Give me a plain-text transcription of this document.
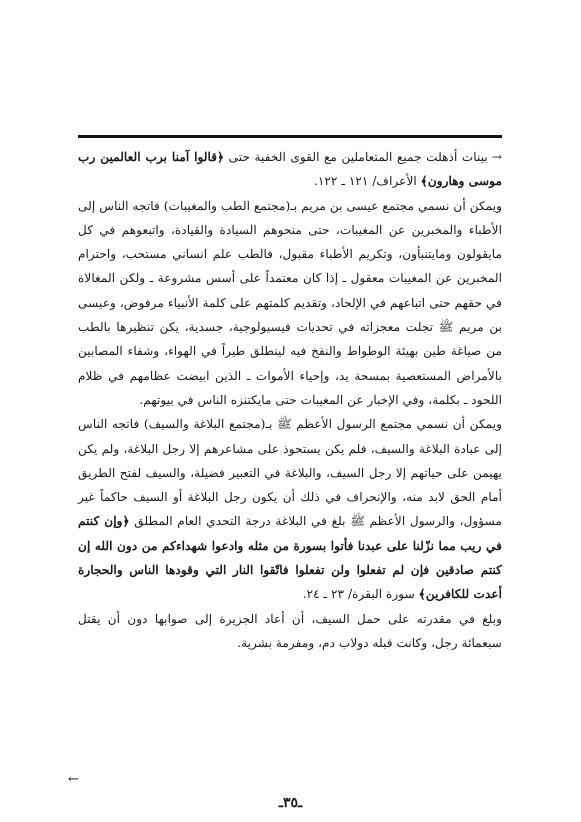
→بينات أذهلت جميع المتعاملين مع القوى الخفية حتى ﴿قالوا آمنا برب العالمين رب موسى وهارون﴾ الأعراف/ ١٢١ ـ ١٢٢.

ويمكن أن نسمي مجتمع عيسى بن مريم بـ(مجتمع الطب والمغيبات) فاتجه الناس إلى الأطباء والمخبرين عن المغيبات، حتى منحوهم السيادة والقيادة، واتبعوهم في كل مايقولون ومايتنبأون، وتكريم الأطباء مقبول، فالطب علم انساني مستحب، واحترام المخبرين عن المغيبات معقول ـ إذا كان معتمداً على أسس مشروعة ـ ولكن المغالاة في حقهم حتى اتباعهم في الإلحاد، وتقديم كلمتهم على كلمة الأنبياء مرفوض، وعيسى بن مريم ﷺ تجلت معجزاته في تحديات فيسيولوجية، جسدية، يكن تنظيرها بالطب من صياغة طين بهيئة الوطواط والنفخ فيه لينطلق طيراً في الهواء، وشفاء المصابين بالأمراض المستعصية بمسحة يد، وإحياء الأموات ـ الذين ابيضت عظامهم في ظلام اللحود ـ بكلمة، وفي الإخبار عن المغيبات حتى مايكتنزه الناس في بيوتهم.

ويمكن أن نسمي مجتمع الرسول الأعظم ﷺ بـ(مجتمع البلاغة والسيف) فاتجه الناس إلى عبادة البلاغة والسيف، فلم يكن يستحوذ على مشاعرهم إلا رجل البلاغة، ولم يكن يهيمن على حياتهم إلا رجل السيف، والبلاغة في التعبير فضيلة، والسيف لفتح الطريق أمام الحق لابد منه، والإنحراف في ذلك أن يكون رجل البلاغة أو السيف حاكماً غير مسؤول، والرسول الأعظم ﷺ بلغ في البلاغة درجة التحدي العام المطلق ﴿وإن كنتم في ريب مما نزّلنا على عبدنا فأتوا بسورة من مثله وادعوا شهداءكم من دون الله إن كنتم صادقين فإن لم تفعلوا ولن تفعلوا فاتّقوا النار التي وقودها الناس والحجارة أعدت للكافرين﴾ سورة البقرة/ ٢٣ ـ ٢٤.

وبلغ في مقدرته على حمل السيف، أن أعاد الجزيرة إلى صوابها دون أن يقتل سبعمائة رجل، وكانت قبله دولاب دم، ومفرمة بشرية.

←
ـ٣٥ـ
